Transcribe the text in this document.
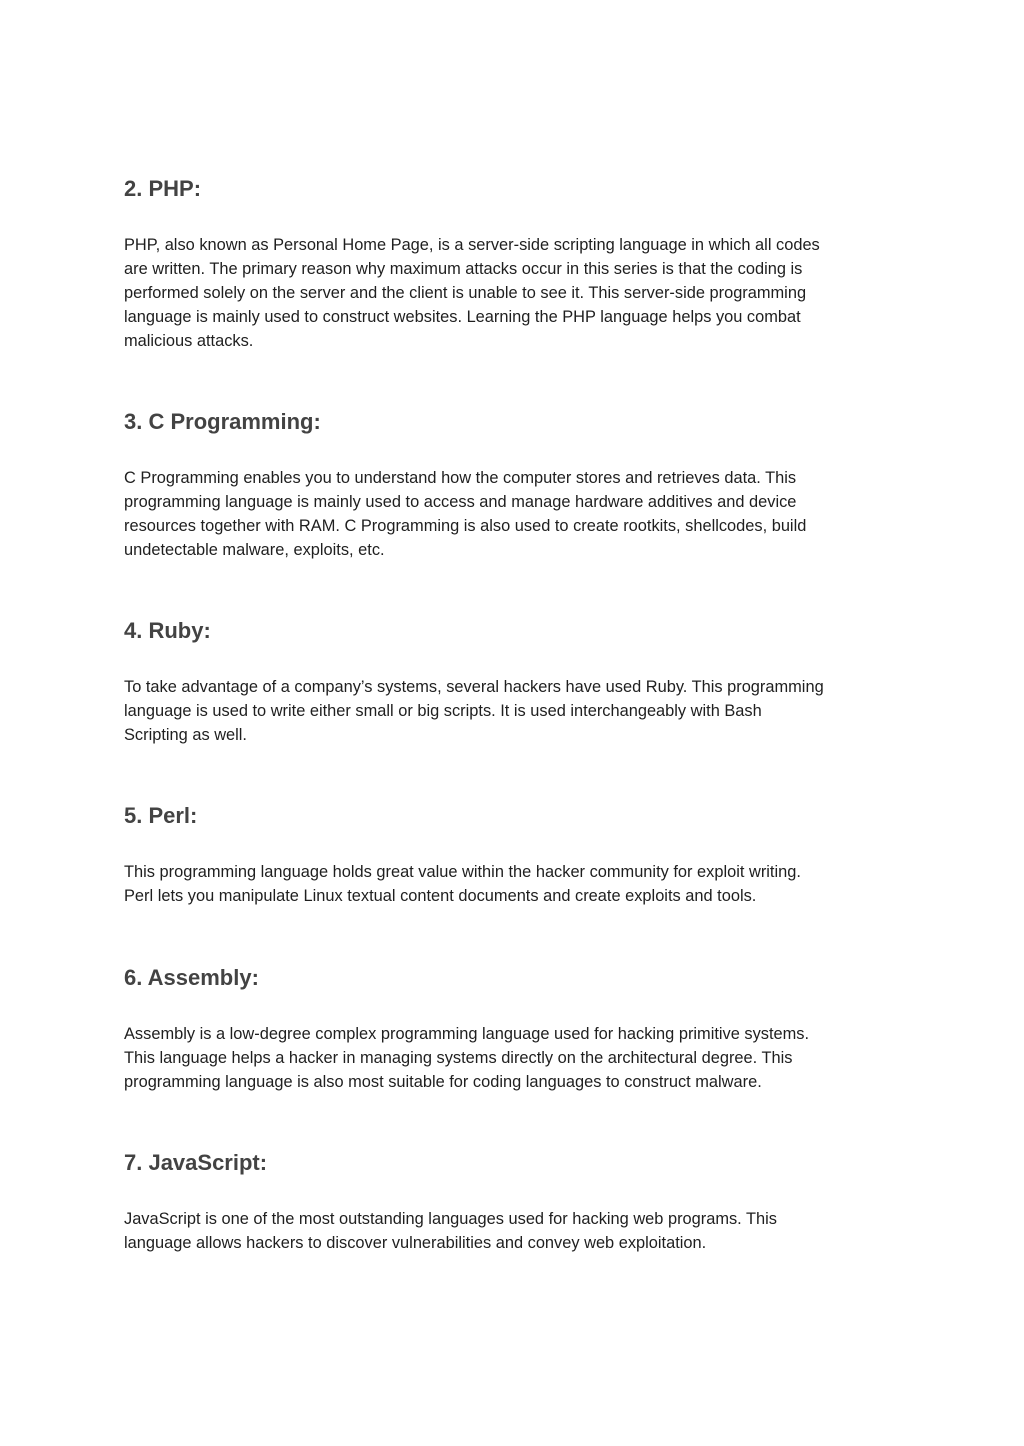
2. PHP:

PHP, also known as Personal Home Page, is a server-side scripting language in which all codes
are written. The primary reason why maximum attacks occur in this series is that the coding is
performed solely on the server and the client is unable to see it. This server-side programming
language is mainly used to construct websites. Learning the PHP language helps you combat
malicious attacks.

3. C Programming:

C Programming enables you to understand how the computer stores and retrieves data. This
programming language is mainly used to access and manage hardware additives and device
resources together with RAM. C Programming is also used to create rootkits, shellcodes, build
undetectable malware, exploits, etc.

4. Ruby:

To take advantage of a company’s systems, several hackers have used Ruby. This programming
language is used to write either small or big scripts. It is used interchangeably with Bash
Scripting as well.

5. Perl:

This programming language holds great value within the hacker community for exploit writing.
Perl lets you manipulate Linux textual content documents and create exploits and tools.

6. Assembly:

Assembly is a low-degree complex programming language used for hacking primitive systems.
This language helps a hacker in managing systems directly on the architectural degree. This
programming language is also most suitable for coding languages to construct malware.

7. JavaScript:

JavaScript is one of the most outstanding languages used for hacking web programs. This
language allows hackers to discover vulnerabilities and convey web exploitation.
